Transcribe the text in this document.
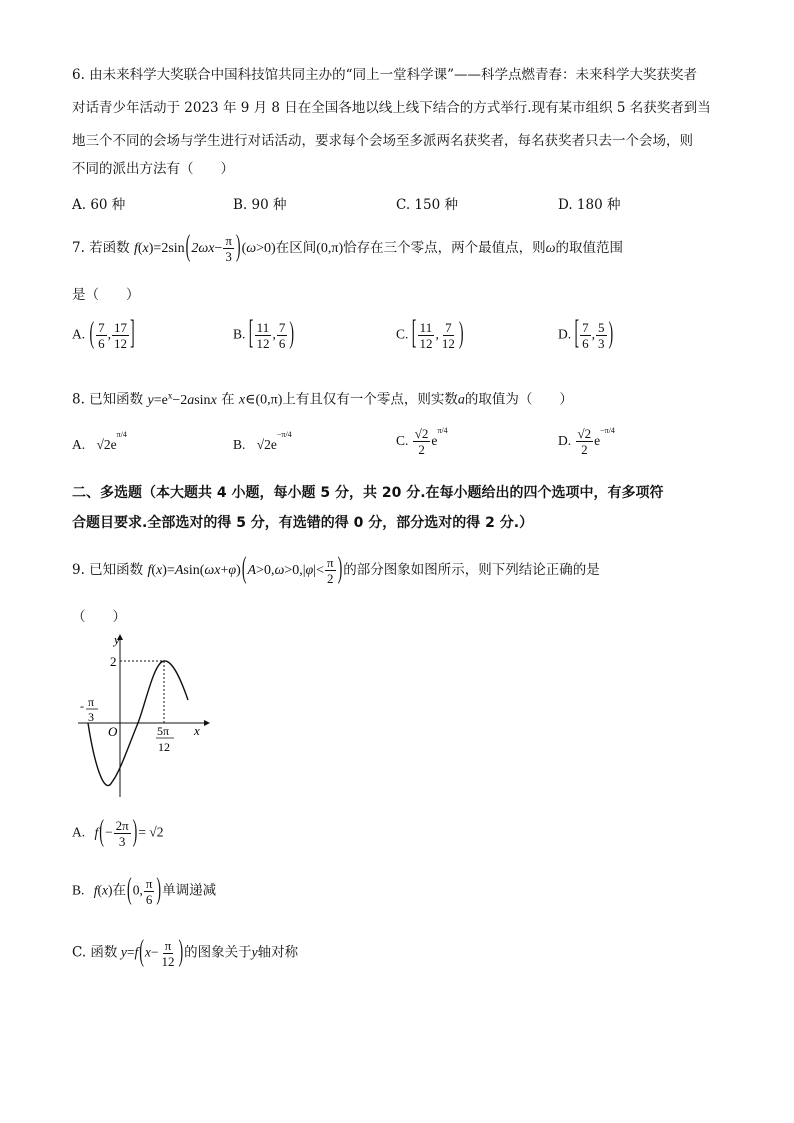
6. 由未来科学大奖联合中国科技馆共同主办的“同上一堂科学课”——科学点燃青春：未来科学大奖获奖者
对话青少年活动于 2023 年 9 月 8 日在全国各地以线上线下结合的方式举行.现有某市组织 5 名获奖者到当
地三个不同的会场与学生进行对话活动，要求每个会场至多派两名获奖者，每名获奖者只去一个会场，则
不同的派出方法有（　　）
A. 60 种	B. 90 种	C. 150 种	D. 180 种
7. 若函数 $f(x)=2\sin(2\omega x- \frac{\pi}{3} )(\omega>0)$在区间(0,π)恰存在三个零点，两个最值点，则ω的取值范围
是（　　）
A. ( $\frac{7}{6}$ , $\frac{17}{12}$ ]	B. [ $\frac{11}{12}$ , $\frac{7}{6}$ )	C. [ $\frac{11}{12}$ , $\frac{7}{12}$ )	D. [ $\frac{7}{6}$ , $\frac{5}{3}$ )
8. 已知函数 $y=e^x-2asinx$ 在 x∈(0,π)上有且仅有一个零点，则实数a的取值为（　　）
A. $√2e^{\pi/4}$
B. $√2e^{-\pi/4}$	C. $\frac{√2}{2} e^{\pi/4}$
D. $\frac{√2}{2} e^{-\pi/4}$
二、多选题（本大题共 4 小题，每小题 5 分，共 20 分.在每小题给出的四个选项中，有多项符
合题目要求.全部选对的得 5 分，有选错的得 0 分，部分选对的得 2 分.）
9. 已知函数 $f(x)=Asin(\omega x+\varphi)(A>0,\omega>0,|\varphi|< \frac{\pi}{2}$ )的部分图象如图所示，则下列结论正确的是
（　　）
y
x
O
2
- π
3
5π
12
A. $f(- \frac{2\pi}{3}$ )= √2
B. f(x)在(0, $\frac{\pi}{6}$ )单调递减
C. 函数 $y=f(x- \frac{\pi}{12}$ )的图象关于y轴对称
